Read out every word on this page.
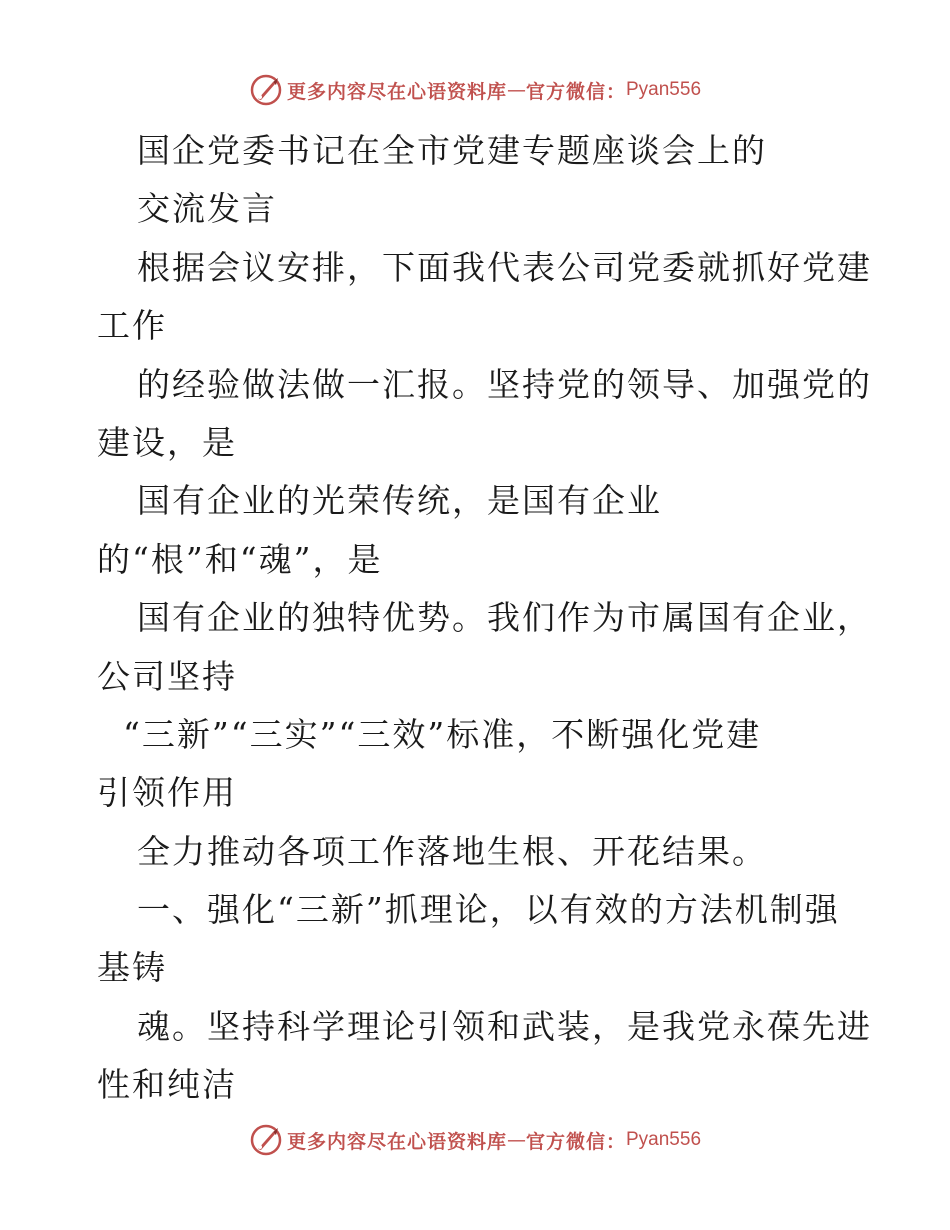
更多内容尽在心语资料库 — 官方微信： Pyan556
国企党委书记在全市党建专题座谈会上的
交流发言
根据会议安排，下面我代表公司党委就抓好党建
工作
的经验做法做一汇报。坚持党的领导、加强党的
建设，是
国有企业的光荣传统，是国有企业
的“根”和“魂”，是
国有企业的独特优势。我们作为市属国有企业，
公司坚持
“三新”“三实”“三效”标准，不断强化党建
引领作用
全力推动各项工作落地生根、开花结果。
一、强化“三新”抓理论，以有效的方法机制强
基铸
魂。坚持科学理论引领和武装，是我党永葆先进
性和纯洁
更多内容尽在心语资料库 — 官方微信： Pyan556
